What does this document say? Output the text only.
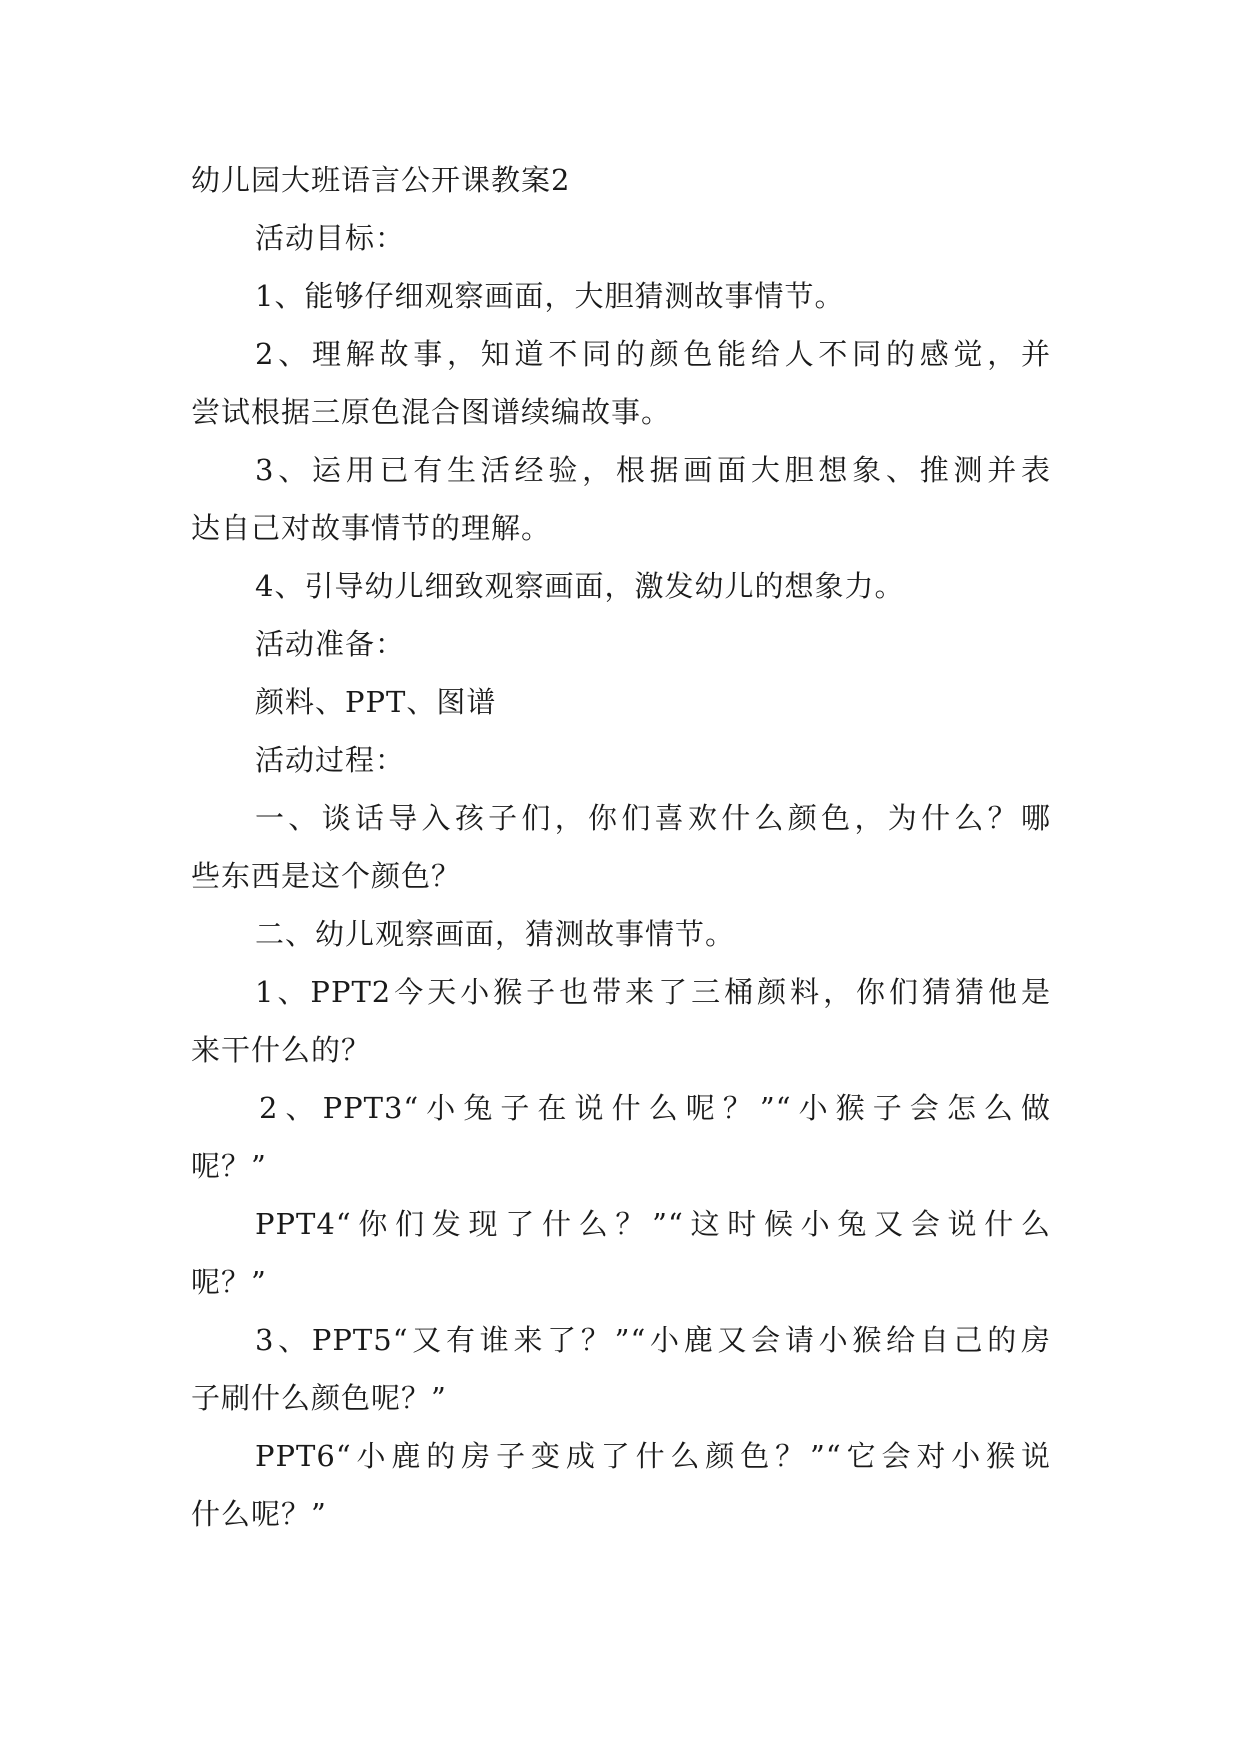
幼儿园大班语言公开课教案2
活动目标：
1、能够仔细观察画面，大胆猜测故事情节。
2、理解故事，知道不同的颜色能给人不同的感觉，并
尝试根据三原色混合图谱续编故事。
3、运用已有生活经验，根据画面大胆想象、推测并表
达自己对故事情节的理解。
4、引导幼儿细致观察画面，激发幼儿的想象力。
活动准备：
颜料、PPT、图谱
活动过程：
一、谈话导入孩子们，你们喜欢什么颜色，为什么？哪
些东西是这个颜色？
二、幼儿观察画面，猜测故事情节。
1、PPT2今天小猴子也带来了三桶颜料，你们猜猜他是
来干什么的？
2、PPT3“小兔子在说什么呢？”“小猴子会怎么做
呢？”
PPT4“你们发现了什么？”“这时候小兔又会说什么
呢？”
3、PPT5“又有谁来了？”“小鹿又会请小猴给自己的房
子刷什么颜色呢？”
PPT6“小鹿的房子变成了什么颜色？”“它会对小猴说
什么呢？”
